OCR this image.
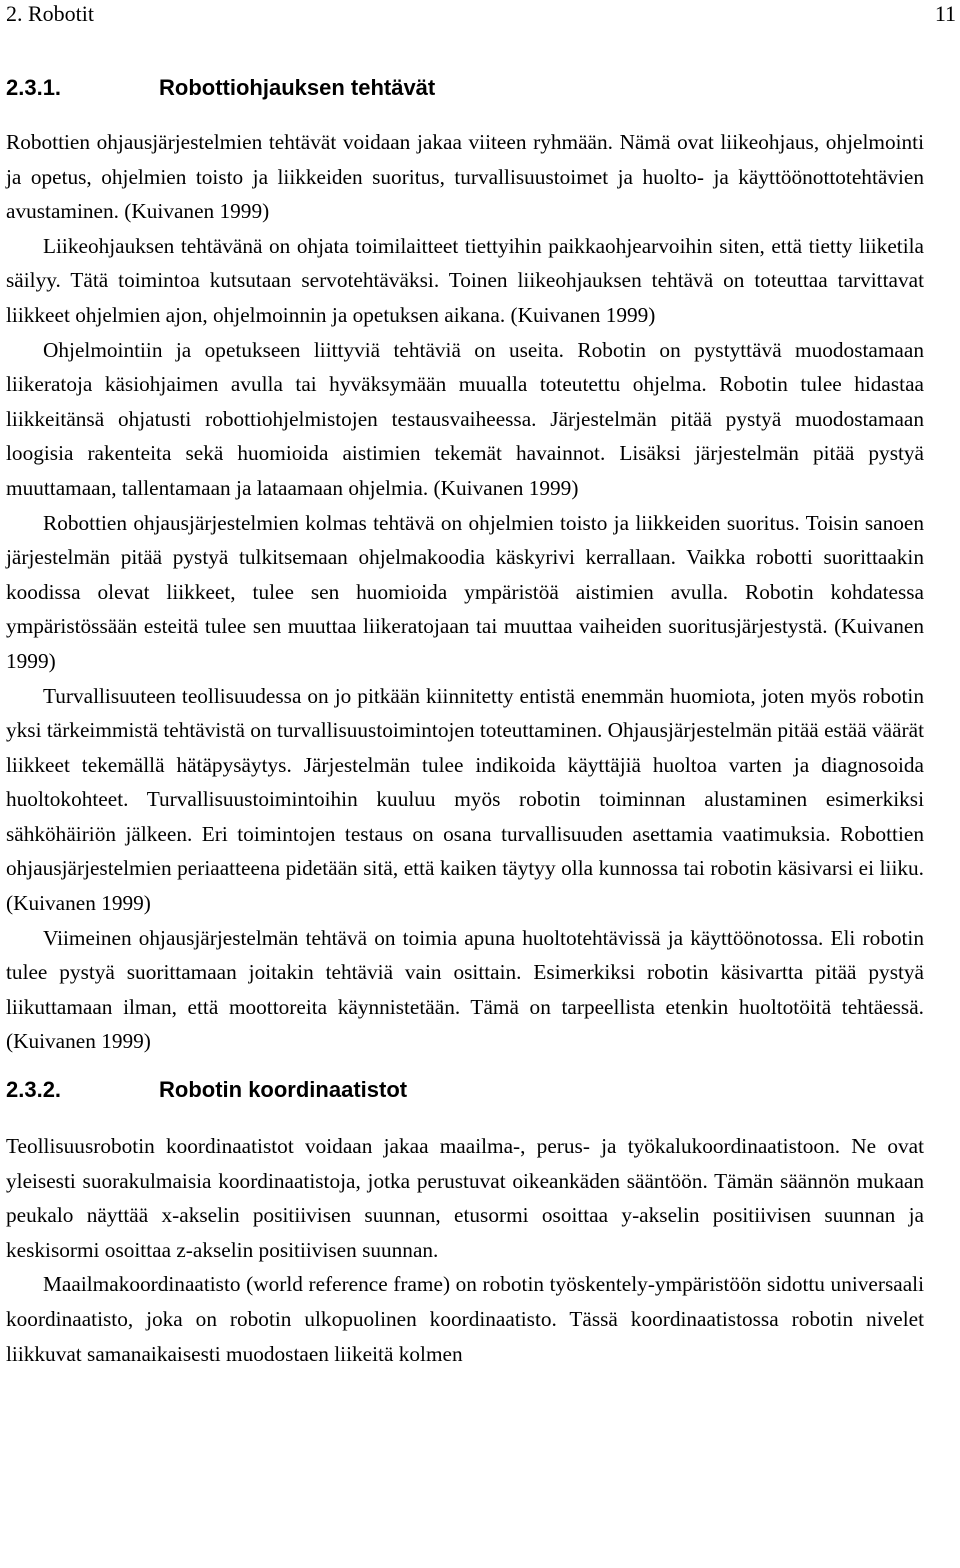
2. Robotit	11
2.3.1.	Robottiohjauksen tehtävät

Robottien ohjausjärjestelmien tehtävät voidaan jakaa viiteen ryhmään. Nämä ovat liikeohjaus, ohjelmointi ja opetus, ohjelmien toisto ja liikkeiden suoritus, turvallisuustoimet ja huolto- ja käyttöönottotehtävien avustaminen. (Kuivanen 1999)

Liikeohjauksen tehtävänä on ohjata toimilaitteet tiettyihin paikkaohjearvoihin siten, että tietty liiketila säilyy. Tätä toimintoa kutsutaan servotehtäväksi. Toinen liikeohjauksen tehtävä on toteuttaa tarvittavat liikkeet ohjelmien ajon, ohjelmoinnin ja opetuksen aikana. (Kuivanen 1999)

Ohjelmointiin ja opetukseen liittyviä tehtäviä on useita. Robotin on pystyttävä muodostamaan liikeratoja käsiohjaimen avulla tai hyväksymään muualla toteutettu ohjelma. Robotin tulee hidastaa liikkeitänsä ohjatusti robottiohjelmistojen testausvaiheessa. Järjestelmän pitää pystyä muodostamaan loogisia rakenteita sekä huomioida aistimien tekemät havainnot. Lisäksi järjestelmän pitää pystyä muuttamaan, tallentamaan ja lataamaan ohjelmia. (Kuivanen 1999)

Robottien ohjausjärjestelmien kolmas tehtävä on ohjelmien toisto ja liikkeiden suoritus. Toisin sanoen järjestelmän pitää pystyä tulkitsemaan ohjelmakoodia käskyrivi kerrallaan. Vaikka robotti suorittaakin koodissa olevat liikkeet, tulee sen huomioida ympäristöä aistimien avulla. Robotin kohdatessa ympäristössään esteitä tulee sen muuttaa liikeratojaan tai muuttaa vaiheiden suoritusjärjestystä. (Kuivanen 1999)

Turvallisuuteen teollisuudessa on jo pitkään kiinnitetty entistä enemmän huomiota, joten myös robotin yksi tärkeimmistä tehtävistä on turvallisuustoimintojen toteuttaminen. Ohjausjärjestelmän pitää estää väärät liikkeet tekemällä hätäpysäytys. Järjestelmän tulee indikoida käyttäjiä huoltoa varten ja diagnosoida huoltokohteet. Turvallisuustoimintoihin kuuluu myös robotin toiminnan alustaminen esimerkiksi sähköhäiriön jälkeen. Eri toimintojen testaus on osana turvallisuuden asettamia vaatimuksia. Robottien ohjausjärjestelmien periaatteena pidetään sitä, että kaiken täytyy olla kunnossa tai robotin käsivarsi ei liiku. (Kuivanen 1999)

Viimeinen ohjausjärjestelmän tehtävä on toimia apuna huoltotehtävissä ja käyttöönotossa. Eli robotin tulee pystyä suorittamaan joitakin tehtäviä vain osittain. Esimerkiksi robotin käsivartta pitää pystyä liikuttamaan ilman, että moottoreita käynnistetään. Tämä on tarpeellista etenkin huoltotöitä tehtäessä. (Kuivanen 1999)

2.3.2.	Robotin koordinaatistot

Teollisuusrobotin koordinaatistot voidaan jakaa maailma-, perus- ja työkalukoordinaatistoon. Ne ovat yleisesti suorakulmaisia koordinaatistoja, jotka perustuvat oikeankäden sääntöön. Tämän säännön mukaan peukalo näyttää x-akselin positiivisen suunnan, etusormi osoittaa y-akselin positiivisen suunnan ja keskisormi osoittaa z-akselin positiivisen suunnan.

Maailmakoordinaatisto (world reference frame) on robotin työskentely-ympäristöön sidottu universaali koordinaatisto, joka on robotin ulkopuolinen koordinaatisto. Tässä koordinaatistossa robotin nivelet liikkuvat samanaikaisesti muodostaen liikeitä kolmen
